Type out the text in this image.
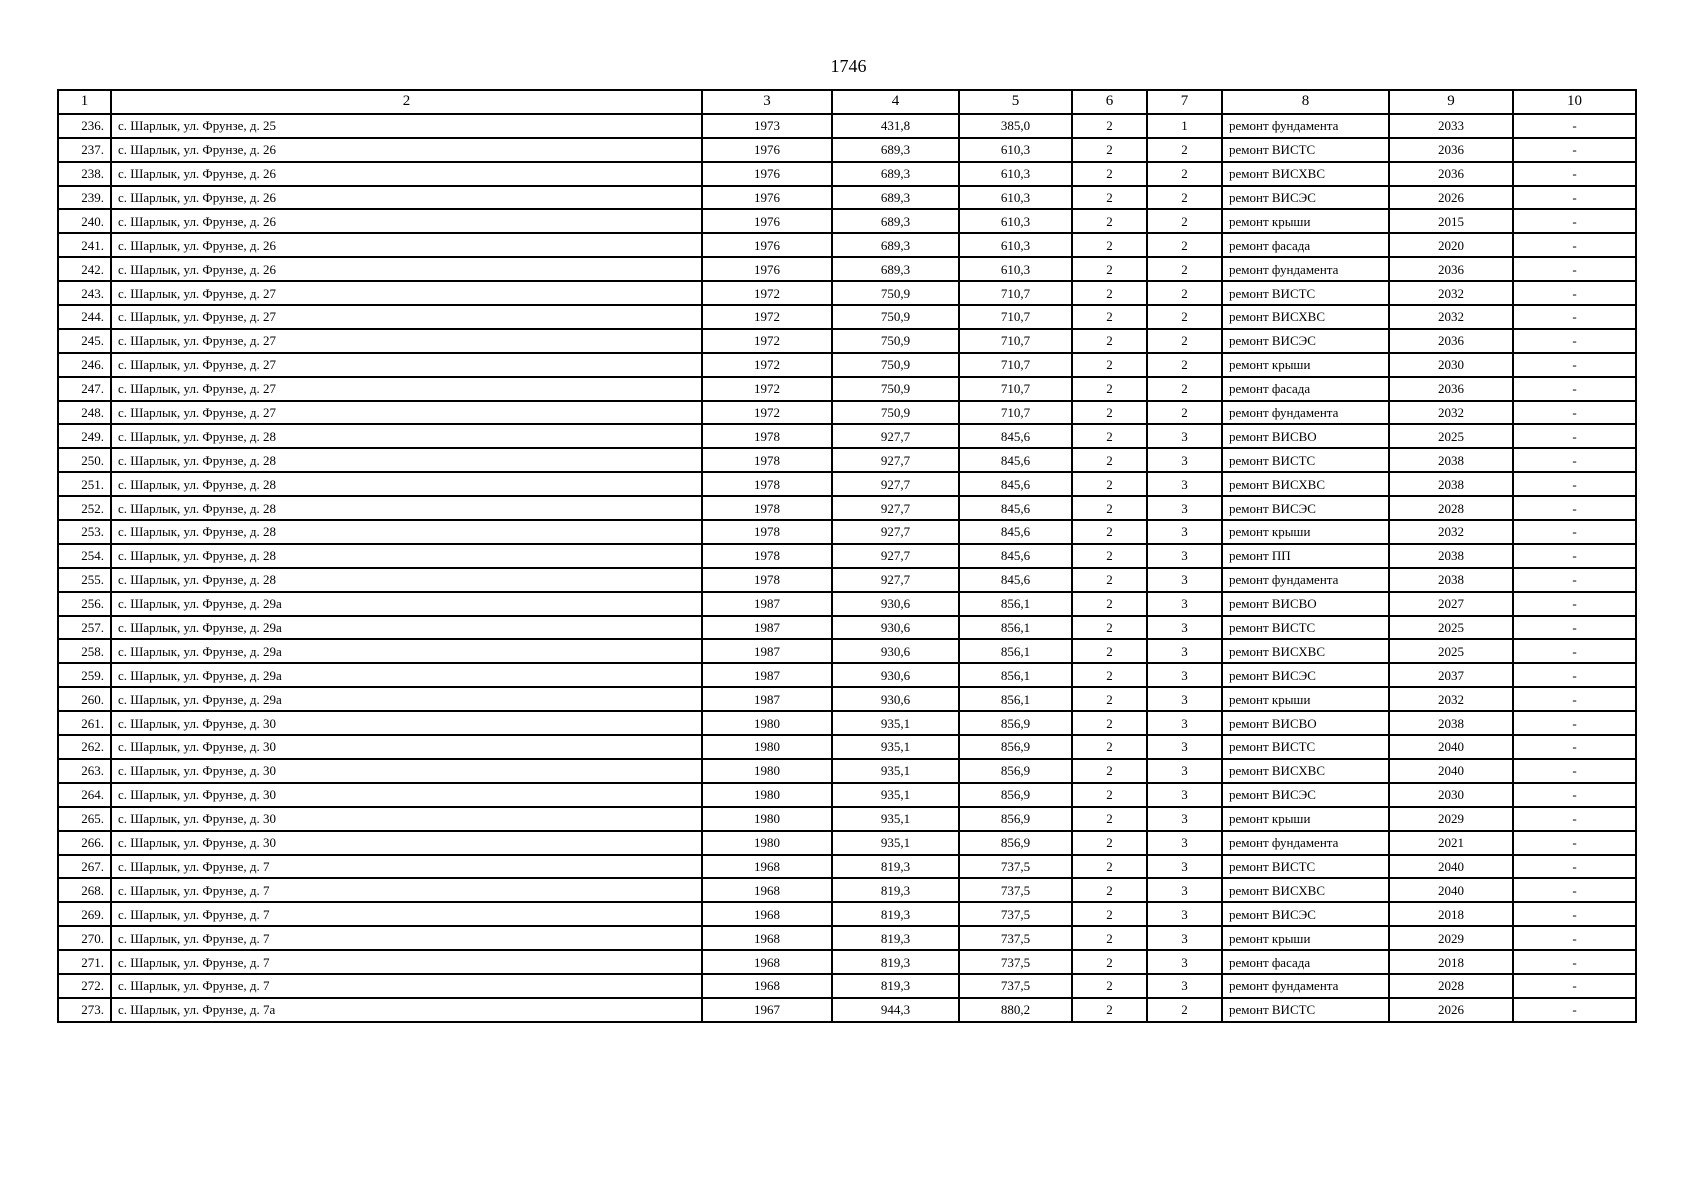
1746
1	2	3	4	5	6	7	8	9	10
236.	с. Шарлык, ул. Фрунзе, д. 25	1973	431,8	385,0	2	1	ремонт фундамента	2033	-
237.	с. Шарлык, ул. Фрунзе, д. 26	1976	689,3	610,3	2	2	ремонт ВИСТС	2036	-
238.	с. Шарлык, ул. Фрунзе, д. 26	1976	689,3	610,3	2	2	ремонт ВИСХВС	2036	-
239.	с. Шарлык, ул. Фрунзе, д. 26	1976	689,3	610,3	2	2	ремонт ВИСЭС	2026	-
240.	с. Шарлык, ул. Фрунзе, д. 26	1976	689,3	610,3	2	2	ремонт крыши	2015	-
241.	с. Шарлык, ул. Фрунзе, д. 26	1976	689,3	610,3	2	2	ремонт фасада	2020	-
242.	с. Шарлык, ул. Фрунзе, д. 26	1976	689,3	610,3	2	2	ремонт фундамента	2036	-
243.	с. Шарлык, ул. Фрунзе, д. 27	1972	750,9	710,7	2	2	ремонт ВИСТС	2032	-
244.	с. Шарлык, ул. Фрунзе, д. 27	1972	750,9	710,7	2	2	ремонт ВИСХВС	2032	-
245.	с. Шарлык, ул. Фрунзе, д. 27	1972	750,9	710,7	2	2	ремонт ВИСЭС	2036	-
246.	с. Шарлык, ул. Фрунзе, д. 27	1972	750,9	710,7	2	2	ремонт крыши	2030	-
247.	с. Шарлык, ул. Фрунзе, д. 27	1972	750,9	710,7	2	2	ремонт фасада	2036	-
248.	с. Шарлык, ул. Фрунзе, д. 27	1972	750,9	710,7	2	2	ремонт фундамента	2032	-
249.	с. Шарлык, ул. Фрунзе, д. 28	1978	927,7	845,6	2	3	ремонт ВИСВО	2025	-
250.	с. Шарлык, ул. Фрунзе, д. 28	1978	927,7	845,6	2	3	ремонт ВИСТС	2038	-
251.	с. Шарлык, ул. Фрунзе, д. 28	1978	927,7	845,6	2	3	ремонт ВИСХВС	2038	-
252.	с. Шарлык, ул. Фрунзе, д. 28	1978	927,7	845,6	2	3	ремонт ВИСЭС	2028	-
253.	с. Шарлык, ул. Фрунзе, д. 28	1978	927,7	845,6	2	3	ремонт крыши	2032	-
254.	с. Шарлык, ул. Фрунзе, д. 28	1978	927,7	845,6	2	3	ремонт ПП	2038	-
255.	с. Шарлык, ул. Фрунзе, д. 28	1978	927,7	845,6	2	3	ремонт фундамента	2038	-
256.	с. Шарлык, ул. Фрунзе, д. 29а	1987	930,6	856,1	2	3	ремонт ВИСВО	2027	-
257.	с. Шарлык, ул. Фрунзе, д. 29а	1987	930,6	856,1	2	3	ремонт ВИСТС	2025	-
258.	с. Шарлык, ул. Фрунзе, д. 29а	1987	930,6	856,1	2	3	ремонт ВИСХВС	2025	-
259.	с. Шарлык, ул. Фрунзе, д. 29а	1987	930,6	856,1	2	3	ремонт ВИСЭС	2037	-
260.	с. Шарлык, ул. Фрунзе, д. 29а	1987	930,6	856,1	2	3	ремонт крыши	2032	-
261.	с. Шарлык, ул. Фрунзе, д. 30	1980	935,1	856,9	2	3	ремонт ВИСВО	2038	-
262.	с. Шарлык, ул. Фрунзе, д. 30	1980	935,1	856,9	2	3	ремонт ВИСТС	2040	-
263.	с. Шарлык, ул. Фрунзе, д. 30	1980	935,1	856,9	2	3	ремонт ВИСХВС	2040	-
264.	с. Шарлык, ул. Фрунзе, д. 30	1980	935,1	856,9	2	3	ремонт ВИСЭС	2030	-
265.	с. Шарлык, ул. Фрунзе, д. 30	1980	935,1	856,9	2	3	ремонт крыши	2029	-
266.	с. Шарлык, ул. Фрунзе, д. 30	1980	935,1	856,9	2	3	ремонт фундамента	2021	-
267.	с. Шарлык, ул. Фрунзе, д. 7	1968	819,3	737,5	2	3	ремонт ВИСТС	2040	-
268.	с. Шарлык, ул. Фрунзе, д. 7	1968	819,3	737,5	2	3	ремонт ВИСХВС	2040	-
269.	с. Шарлык, ул. Фрунзе, д. 7	1968	819,3	737,5	2	3	ремонт ВИСЭС	2018	-
270.	с. Шарлык, ул. Фрунзе, д. 7	1968	819,3	737,5	2	3	ремонт крыши	2029	-
271.	с. Шарлык, ул. Фрунзе, д. 7	1968	819,3	737,5	2	3	ремонт фасада	2018	-
272.	с. Шарлык, ул. Фрунзе, д. 7	1968	819,3	737,5	2	3	ремонт фундамента	2028	-
273.	с. Шарлык, ул. Фрунзе, д. 7а	1967	944,3	880,2	2	2	ремонт ВИСТС	2026	-
